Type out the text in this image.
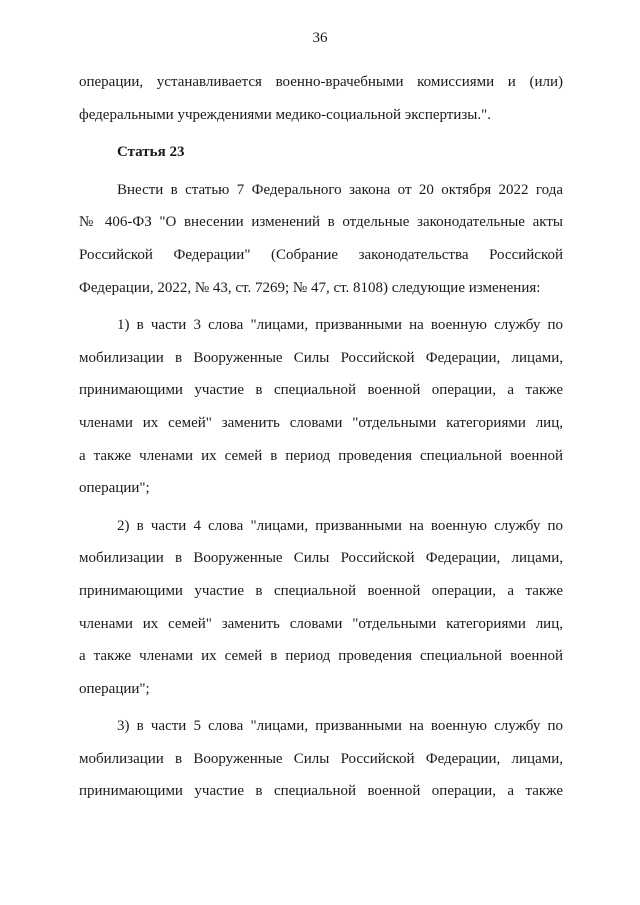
36
операции, устанавливается военно-врачебными комиссиями и (или)
федеральными учреждениями медико-социальной экспертизы.".
Статья 23
Внести в статью 7 Федерального закона от 20 октября 2022 года
№ 406-ФЗ "О внесении изменений в отдельные законодательные акты
Российской Федерации" (Собрание законодательства Российской
Федерации, 2022, № 43, ст. 7269; № 47, ст. 8108) следующие изменения:
1) в части 3 слова "лицами, призванными на военную службу по
мобилизации в Вооруженные Силы Российской Федерации, лицами,
принимающими участие в специальной военной операции, а также
членами их семей" заменить словами "отдельными категориями лиц,
а также членами их семей в период проведения специальной военной
операции";
2) в части 4 слова "лицами, призванными на военную службу по
мобилизации в Вооруженные Силы Российской Федерации, лицами,
принимающими участие в специальной военной операции, а также
членами их семей" заменить словами "отдельными категориями лиц,
а также членами их семей в период проведения специальной военной
операции";
3) в части 5 слова "лицами, призванными на военную службу по
мобилизации в Вооруженные Силы Российской Федерации, лицами,
принимающими участие в специальной военной операции, а также
